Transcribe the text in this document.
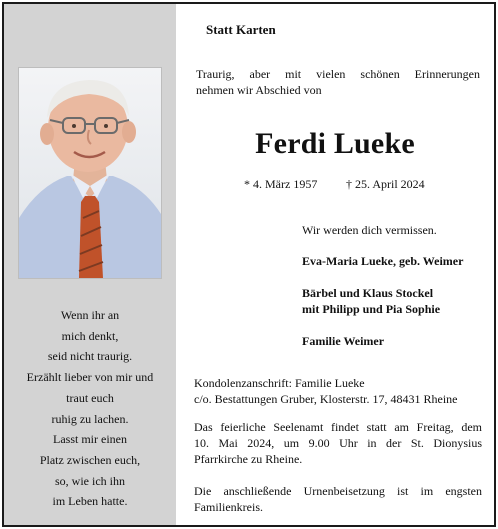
Wenn ihr an
mich denkt,
seid nicht traurig.
Erzählt lieber von mir und
traut euch
ruhig zu lachen.
Lasst mir einen
Platz zwischen euch,
so, wie ich ihn
im Leben hatte.
Statt Karten
Traurig, aber mit vielen schönen Erinnerungen
nehmen wir Abschied von
Ferdi Lueke
* 4. März 1957 † 25. April 2024
Wir werden dich vermissen.
Eva-Maria Lueke, geb. Weimer
Bärbel und Klaus Stockel
mit Philipp und Pia Sophie
Familie Weimer
Kondolenzanschrift: Familie Lueke
c/o. Bestattungen Gruber, Klosterstr. 17, 48431 Rheine
Das feierliche Seelenamt findet statt am Freitag, dem
10. Mai 2024, um 9.00 Uhr in der St. Dionysius
Pfarrkirche zu Rheine.
Die anschließende Urnenbeisetzung ist im engsten
Familienkreis.
